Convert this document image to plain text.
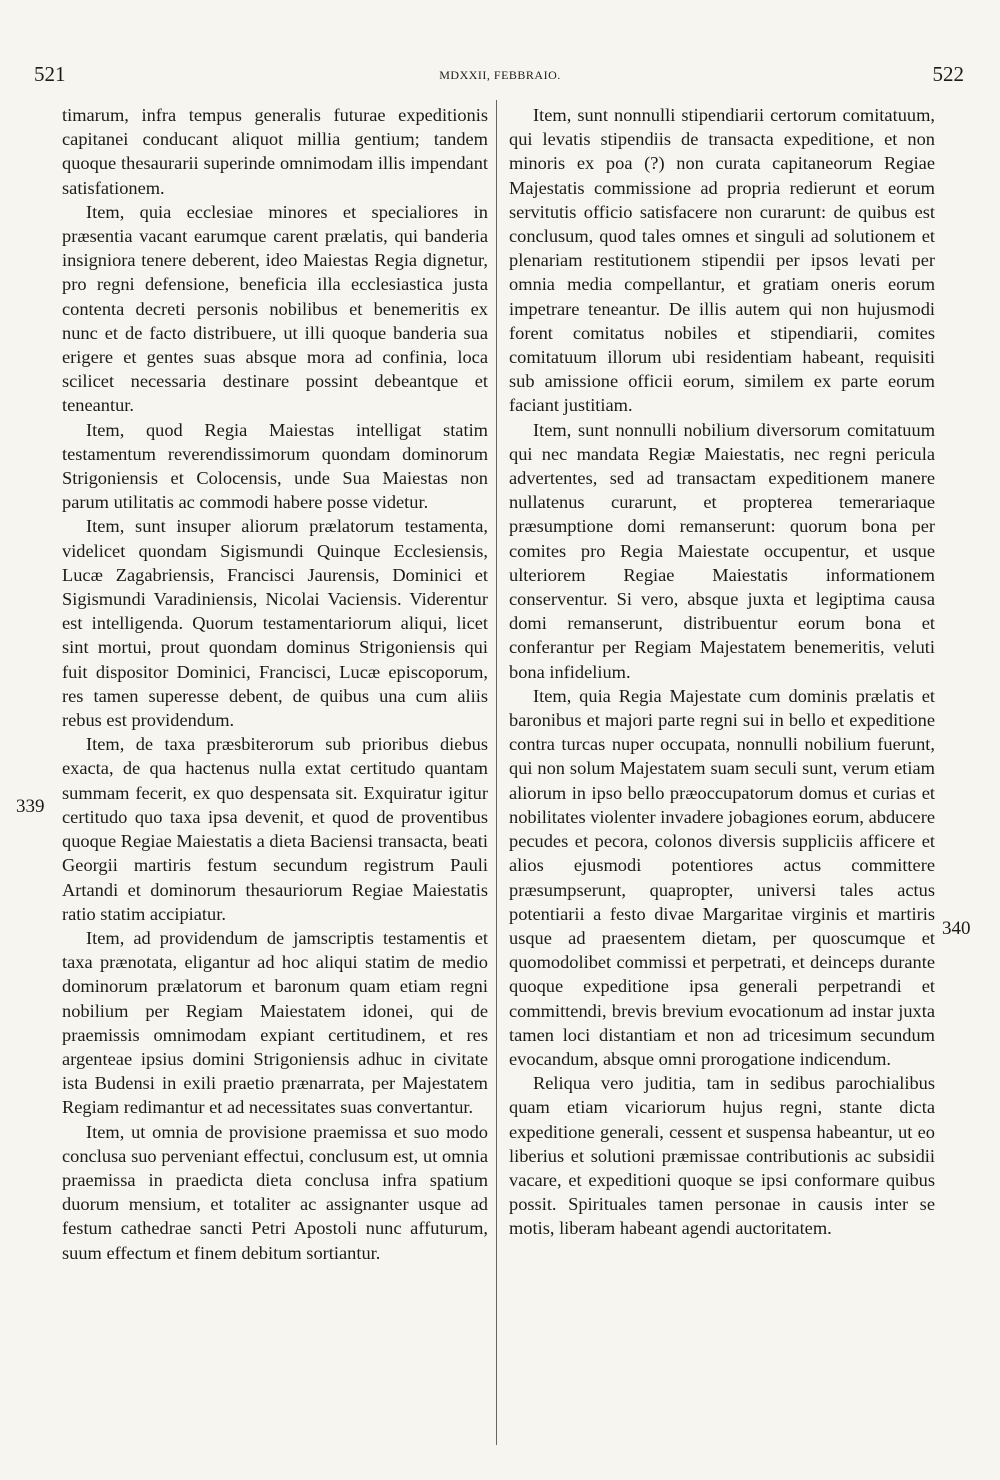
521	MDXXII, FEBBRAIO.	522
339
340

timarum, infra tempus generalis futurae expeditionis capitanei conducant aliquot millia gentium; tandem quoque thesaurarii superinde omnimodam illis impendant satisfationem.

Item, quia ecclesiae minores et specialiores in præsentia vacant earumque carent prælatis, qui banderia insigniora tenere deberent, ideo Maiestas Regia dignetur, pro regni defensione, beneficia illa ecclesiastica justa contenta decreti personis nobilibus et benemeritis ex nunc et de facto distribuere, ut illi quoque banderia sua erigere et gentes suas absque mora ad confinia, loca scilicet necessaria destinare possint debeantque et teneantur.

Item, quod Regia Maiestas intelligat statim testamentum reverendissimorum quondam dominorum Strigoniensis et Colocensis, unde Sua Maiestas non parum utilitatis ac commodi habere posse videtur.

Item, sunt insuper aliorum prælatorum testamenta, videlicet quondam Sigismundi Quinque Ecclesiensis, Lucæ Zagabriensis, Francisci Jaurensis, Dominici et Sigismundi Varadiniensis, Nicolai Vaciensis. Viderentur est intelligenda. Quorum testamentariorum aliqui, licet sint mortui, prout quondam dominus Strigoniensis qui fuit dispositor Dominici, Francisci, Lucæ episcoporum, res tamen superesse debent, de quibus una cum aliis rebus est providendum.

Item, de taxa præsbiterorum sub prioribus diebus exacta, de qua hactenus nulla extat certitudo quantam summam fecerit, ex quo despensata sit. Exquiratur igitur certitudo quo taxa ipsa devenit, et quod de proventibus quoque Regiae Maiestatis a dieta Baciensi transacta, beati Georgii martiris festum secundum registrum Pauli Artandi et dominorum thesauriorum Regiae Maiestatis ratio statim accipiatur.

Item, ad providendum de jamscriptis testamentis et taxa prænotata, eligantur ad hoc aliqui statim de medio dominorum prælatorum et baronum quam etiam regni nobilium per Regiam Maiestatem idonei, qui de praemissis omnimodam expiant certitudinem, et res argenteae ipsius domini Strigoniensis adhuc in civitate ista Budensi in exili praetio prænarrata, per Majestatem Regiam redimantur et ad necessitates suas convertantur.

Item, ut omnia de provisione praemissa et suo modo conclusa suo perveniant effectui, conclusum est, ut omnia praemissa in praedicta dieta conclusa infra spatium duorum mensium, et totaliter ac assignanter usque ad festum cathedrae sancti Petri Apostoli nunc affuturum, suum effectum et finem debitum sortiantur.

Item, sunt nonnulli stipendiarii certorum comitatuum, qui levatis stipendiis de transacta expeditione, et non minoris ex poa (?) non curata capitaneorum Regiae Majestatis commissione ad propria redierunt et eorum servitutis officio satisfacere non curarunt: de quibus est conclusum, quod tales omnes et singuli ad solutionem et plenariam restitutionem stipendii per ipsos levati per omnia media compellantur, et gratiam oneris eorum impetrare teneantur. De illis autem qui non hujusmodi forent comitatus nobiles et stipendiarii, comites comitatuum illorum ubi residentiam habeant, requisiti sub amissione officii eorum, similem ex parte eorum faciant justitiam.

Item, sunt nonnulli nobilium diversorum comitatuum qui nec mandata Regiæ Maiestatis, nec regni pericula advertentes, sed ad transactam expeditionem manere nullatenus curarunt, et propterea temerariaque præsumptione domi remanserunt: quorum bona per comites pro Regia Maiestate occupentur, et usque ulteriorem Regiae Maiestatis informationem conserventur. Si vero, absque juxta et legiptima causa domi remanserunt, distribuentur eorum bona et conferantur per Regiam Majestatem benemeritis, veluti bona infidelium.

Item, quia Regia Majestate cum dominis prælatis et baronibus et majori parte regni sui in bello et expeditione contra turcas nuper occupata, nonnulli nobilium fuerunt, qui non solum Majestatem suam seculi sunt, verum etiam aliorum in ipso bello præoccupatorum domus et curias et nobilitates violenter invadere jobagiones eorum, abducere pecudes et pecora, colonos diversis suppliciis afficere et alios ejusmodi potentiores actus committere præsumpserunt, quapropter, universi tales actus potentiarii a festo divae Margaritae virginis et martiris usque ad praesentem dietam, per quoscumque et quomodolibet commissi et perpetrati, et deinceps durante quoque expeditione ipsa generali perpetrandi et committendi, brevis brevium evocationum ad instar juxta tamen loci distantiam et non ad tricesimum secundum evocandum, absque omni prorogatione indicendum.

Reliqua vero juditia, tam in sedibus parochialibus quam etiam vicariorum hujus regni, stante dicta expeditione generali, cessent et suspensa habeantur, ut eo liberius et solutioni præmissae contributionis ac subsidii vacare, et expeditioni quoque se ipsi conformare quibus possit. Spirituales tamen personae in causis inter se motis, liberam habeant agendi auctoritatem.
